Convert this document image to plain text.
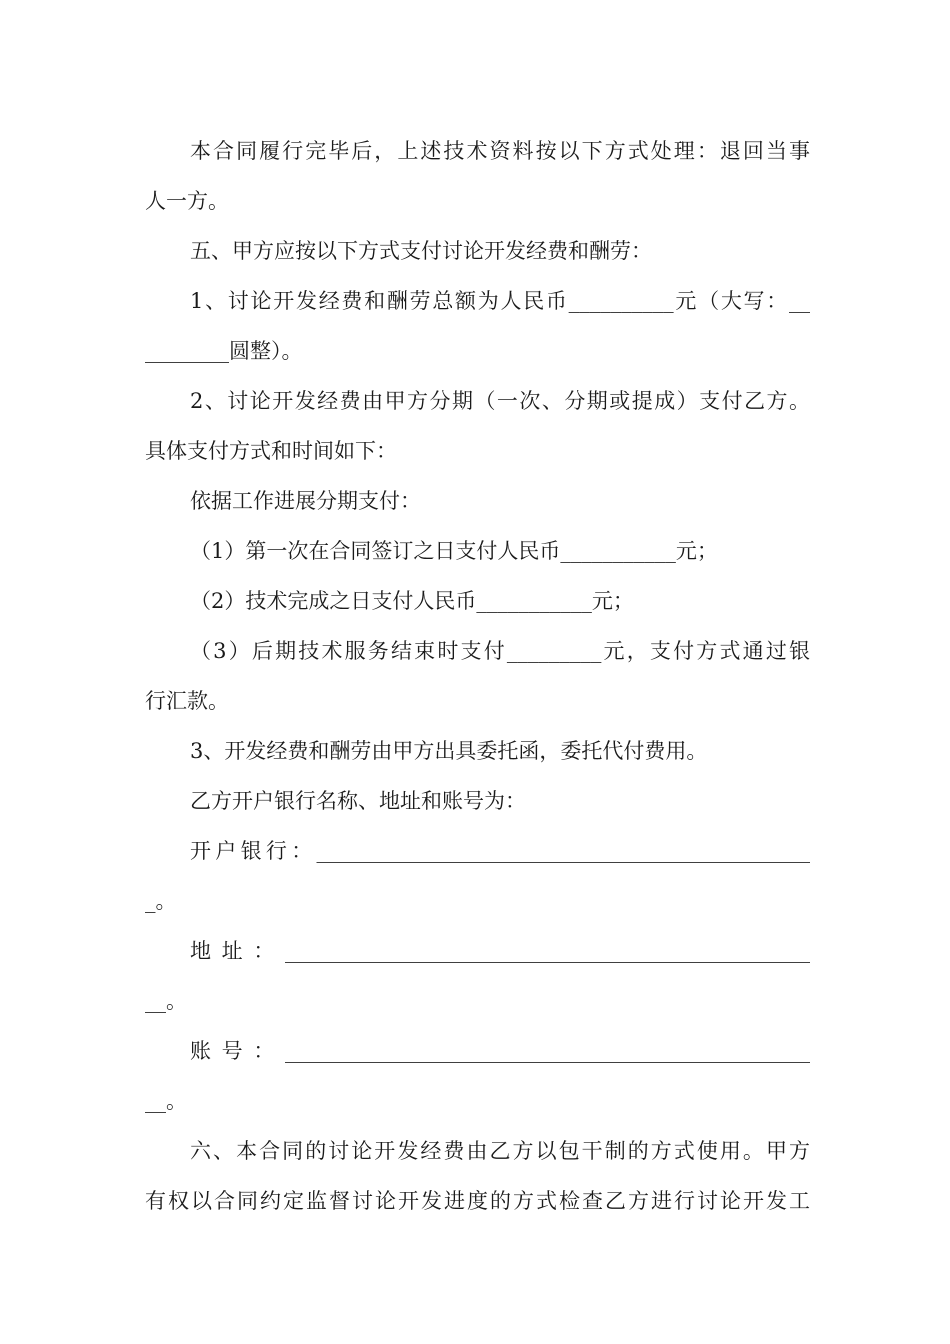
本合同履行完毕后，上述技术资料按以下方式处理：退回当事
人一方。
五、甲方应按以下方式支付讨论开发经费和酬劳：
1、讨论开发经费和酬劳总额为人民币__________元（大写：__
________圆整）。
2、讨论开发经费由甲方分期（一次、分期或提成）支付乙方。
具体支付方式和时间如下：
依据工作进展分期支付：
（1）第一次在合同签订之日支付人民币___________元；
（2）技术完成之日支付人民币___________元；
（3）后期技术服务结束时支付_________元，支付方式通过银
行汇款。
3、开发经费和酬劳由甲方出具委托函，委托代付费用。
乙方开户银行名称、地址和账号为：
开户银行：_______________________________________________
_。
地址：__________________________________________________
__。
账号：__________________________________________________
__。
六、本合同的讨论开发经费由乙方以包干制的方式使用。甲方
有权以合同约定监督讨论开发进度的方式检查乙方进行讨论开发工
